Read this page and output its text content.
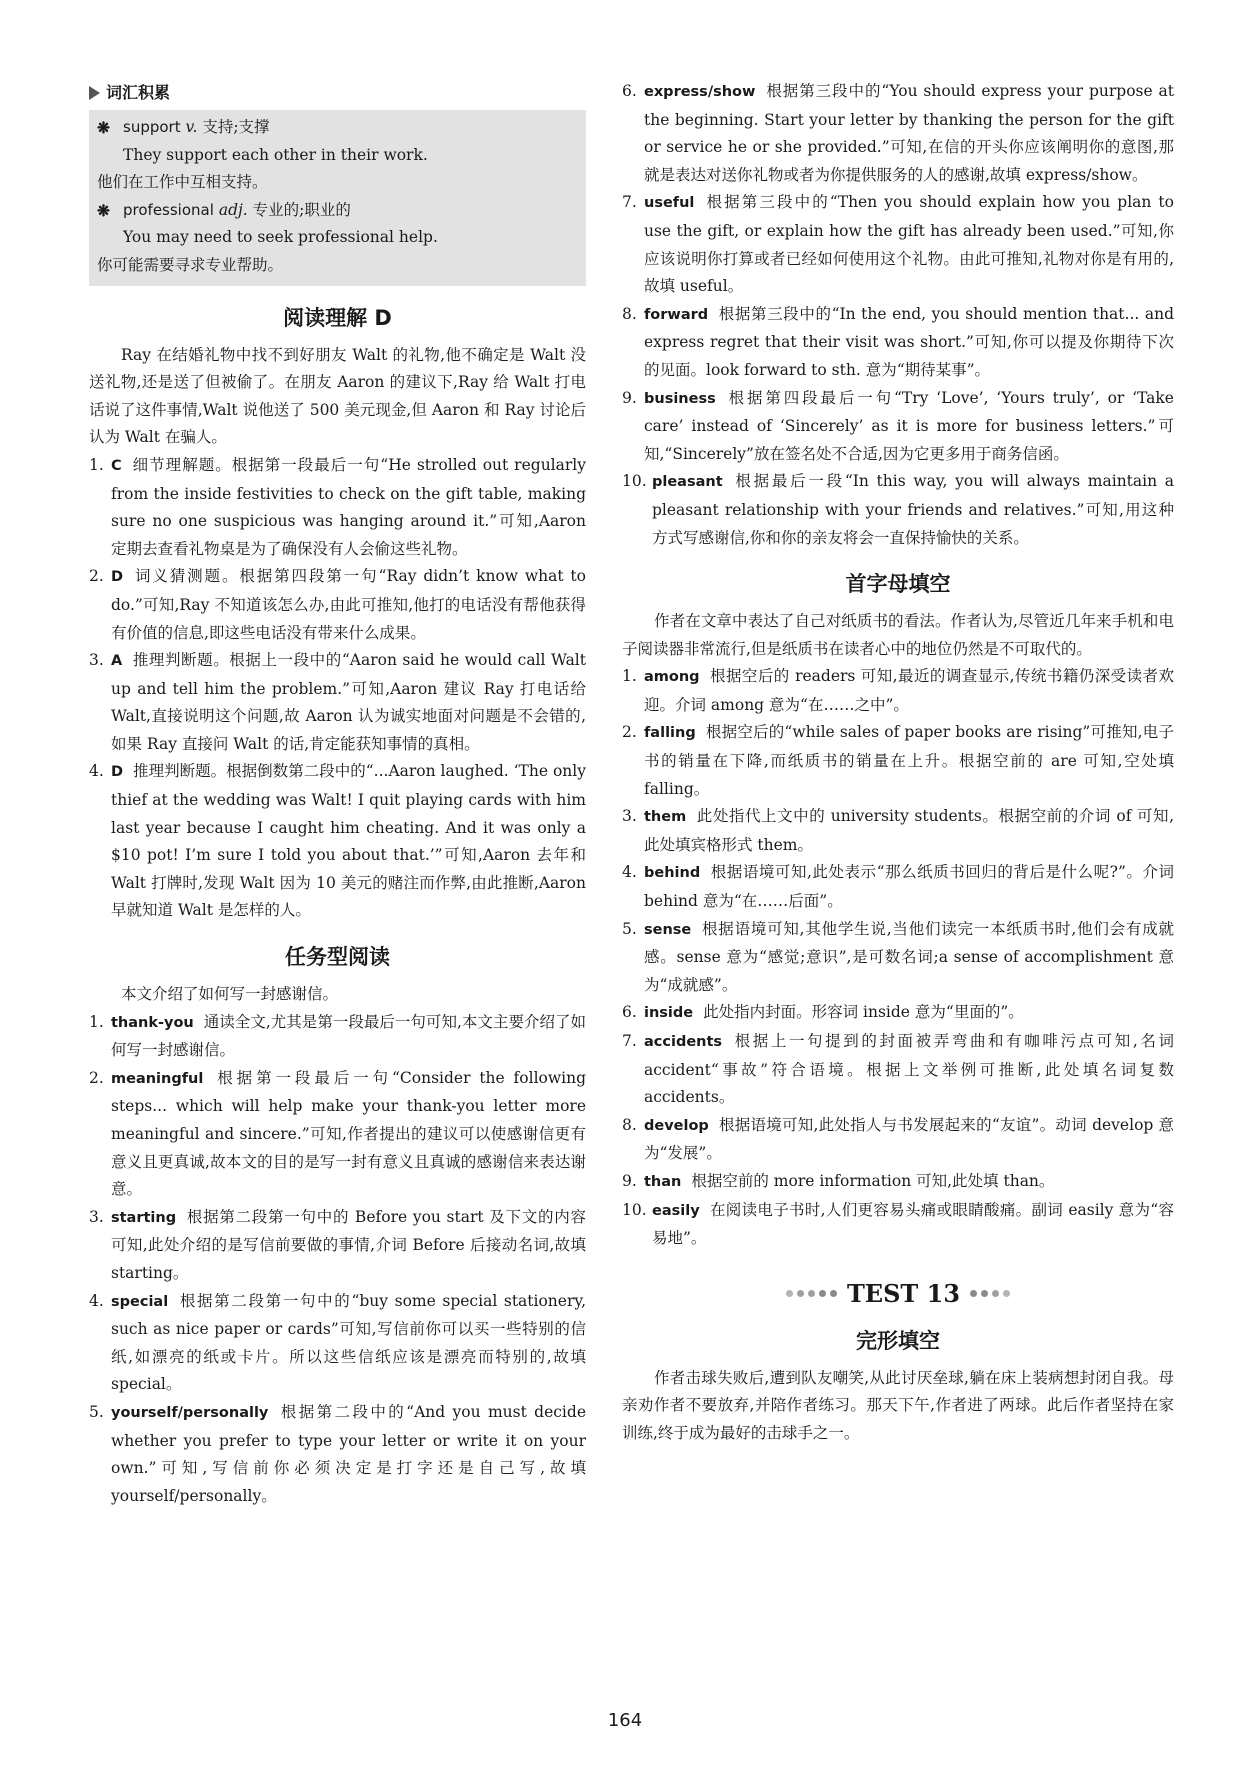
词汇积累
❋ support v. 支持;支撑
They support each other in their work.
他们在工作中互相支持。
❋ professional adj. 专业的;职业的
You may need to seek professional help.
你可能需要寻求专业帮助。
阅读理解 D

Ray 在结婚礼物中找不到好朋友 Walt 的礼物,他不确定是 Walt 没送礼物,还是送了但被偷了。在朋友 Aaron 的建议下,Ray 给 Walt 打电话说了这件事情,Walt 说他送了 500 美元现金,但 Aaron 和 Ray 讨论后认为 Walt 在骗人。

1. C 细节理解题。根据第一段最后一句“He strolled out regularly from the inside festivities to check on the gift table, making sure no one suspicious was hanging around it.”可知,Aaron 定期去查看礼物桌是为了确保没有人会偷这些礼物。
2. D 词义猜测题。根据第四段第一句“Ray didn’t know what to do.”可知,Ray 不知道该怎么办,由此可推知,他打的电话没有帮他获得有价值的信息,即这些电话没有带来什么成果。
3. A 推理判断题。根据上一段中的“Aaron said he would call Walt up and tell him the problem.”可知,Aaron 建议 Ray 打电话给 Walt,直接说明这个问题,故 Aaron 认为诚实地面对问题是不会错的,如果 Ray 直接问 Walt 的话,肯定能获知事情的真相。
4. D 推理判断题。根据倒数第二段中的“...Aaron laughed. ‘The only thief at the wedding was Walt! I quit playing cards with him last year because I caught him cheating. And it was only a $10 pot! I’m sure I told you about that.’”可知,Aaron 去年和 Walt 打牌时,发现 Walt 因为 10 美元的赌注而作弊,由此推断,Aaron 早就知道 Walt 是怎样的人。
任务型阅读

本文介绍了如何写一封感谢信。

1. thank-you 通读全文,尤其是第一段最后一句可知,本文主要介绍了如何写一封感谢信。
2. meaningful 根据第一段最后一句“Consider the following steps... which will help make your thank-you letter more meaningful and sincere.”可知,作者提出的建议可以使感谢信更有意义且更真诚,故本文的目的是写一封有意义且真诚的感谢信来表达谢意。
3. starting 根据第二段第一句中的 Before you start 及下文的内容可知,此处介绍的是写信前要做的事情,介词 Before 后接动名词,故填 starting。
4. special 根据第二段第一句中的“buy some special stationery, such as nice paper or cards”可知,写信前你可以买一些特别的信纸,如漂亮的纸或卡片。所以这些信纸应该是漂亮而特别的,故填 special。
5. yourself/personally 根据第二段中的“And you must decide whether you prefer to type your letter or write it on your own.”可知,写信前你必须决定是打字还是自己写,故填 yourself/personally。
6. express/show 根据第三段中的“You should express your purpose at the beginning. Start your letter by thanking the person for the gift or service he or she provided.”可知,在信的开头你应该阐明你的意图,那就是表达对送你礼物或者为你提供服务的人的感谢,故填 express/show。
7. useful 根据第三段中的“Then you should explain how you plan to use the gift, or explain how the gift has already been used.”可知,你应该说明你打算或者已经如何使用这个礼物。由此可推知,礼物对你是有用的,故填 useful。
8. forward 根据第三段中的“In the end, you should mention that... and express regret that their visit was short.”可知,你可以提及你期待下次的见面。look forward to sth. 意为“期待某事”。
9. business 根据第四段最后一句“Try ‘Love’, ‘Yours truly’, or ‘Take care’ instead of ‘Sincerely’ as it is more for business letters.”可知,“Sincerely”放在签名处不合适,因为它更多用于商务信函。
10. pleasant 根据最后一段“In this way, you will always maintain a pleasant relationship with your friends and relatives.”可知,用这种方式写感谢信,你和你的亲友将会一直保持愉快的关系。
首字母填空

作者在文章中表达了自己对纸质书的看法。作者认为,尽管近几年来手机和电子阅读器非常流行,但是纸质书在读者心中的地位仍然是不可取代的。

1. among 根据空后的 readers 可知,最近的调查显示,传统书籍仍深受读者欢迎。介词 among 意为“在……之中”。
2. falling 根据空后的“while sales of paper books are rising”可推知,电子书的销量在下降,而纸质书的销量在上升。根据空前的 are 可知,空处填 falling。
3. them 此处指代上文中的 university students。根据空前的介词 of 可知,此处填宾格形式 them。
4. behind 根据语境可知,此处表示“那么纸质书回归的背后是什么呢?”。介词 behind 意为“在……后面”。
5. sense 根据语境可知,其他学生说,当他们读完一本纸质书时,他们会有成就感。sense 意为“感觉;意识”,是可数名词;a sense of accomplishment 意为“成就感”。
6. inside 此处指内封面。形容词 inside 意为“里面的”。
7. accidents 根据上一句提到的封面被弄弯曲和有咖啡污点可知,名词 accident“事故”符合语境。根据上文举例可推断,此处填名词复数 accidents。
8. develop 根据语境可知,此处指人与书发展起来的“友谊”。动词 develop 意为“发展”。
9. than 根据空前的 more information 可知,此处填 than。
10. easily 在阅读电子书时,人们更容易头痛或眼睛酸痛。副词 easily 意为“容易地”。
TEST 13
完形填空

作者击球失败后,遭到队友嘲笑,从此讨厌垒球,躺在床上装病想封闭自我。母亲劝作者不要放弃,并陪作者练习。那天下午,作者进了两球。此后作者坚持在家训练,终于成为最好的击球手之一。

164
